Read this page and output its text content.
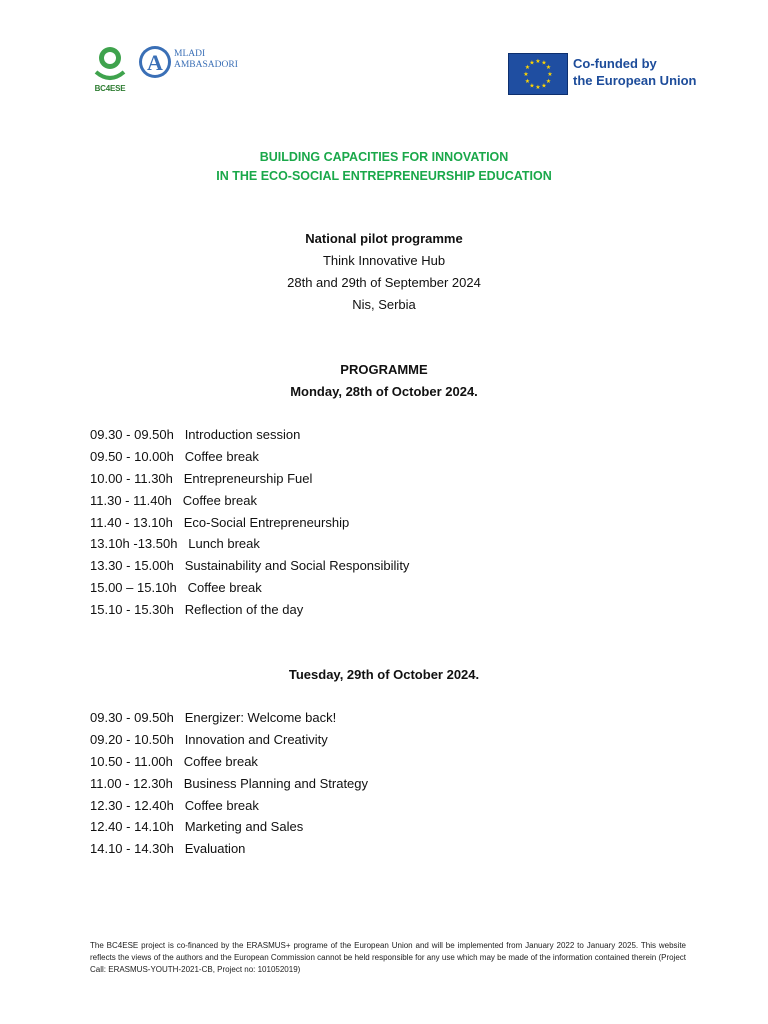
BC4ESE
A MLADI
AMBASADORI	★ ★
★
★
★
★
★
★
★
★
★
★	Co-funded by
the European Union
BUILDING CAPACITIES FOR INNOVATION
IN THE ECO-SOCIAL ENTREPRENEURSHIP EDUCATION
National pilot programme
Think Innovative Hub
28th and 29th of September 2024
Nis, Serbia
PROGRAMME
Monday, 28th of October 2024.
09.30 - 09.50h   Introduction session
09.50 - 10.00h   Coffee break
10.00 - 11.30h   Entrepreneurship Fuel
11.30 - 11.40h   Coffee break
11.40 - 13.10h   Eco-Social Entrepreneurship
13.10h -13.50h   Lunch break
13.30 - 15.00h   Sustainability and Social Responsibility
15.00 – 15.10h   Coffee break
15.10 - 15.30h   Reflection of the day
Tuesday, 29th of October 2024.
09.30 - 09.50h   Energizer: Welcome back!
09.20 - 10.50h   Innovation and Creativity
10.50 - 11.00h   Coffee break
11.00 - 12.30h   Business Planning and Strategy
12.30 - 12.40h   Coffee break
12.40 - 14.10h   Marketing and Sales
14.10 - 14.30h   Evaluation
The BC4ESE project is co-financed by the ERASMUS+ programe of the European Union and will be implemented from January 2022 to January 2025. This website reflects the views of the authors and the European Commission cannot be held responsible for any use which may be made of the information contained therein (Project Call: ERASMUS-YOUTH-2021-CB, Project no: 101052019)
